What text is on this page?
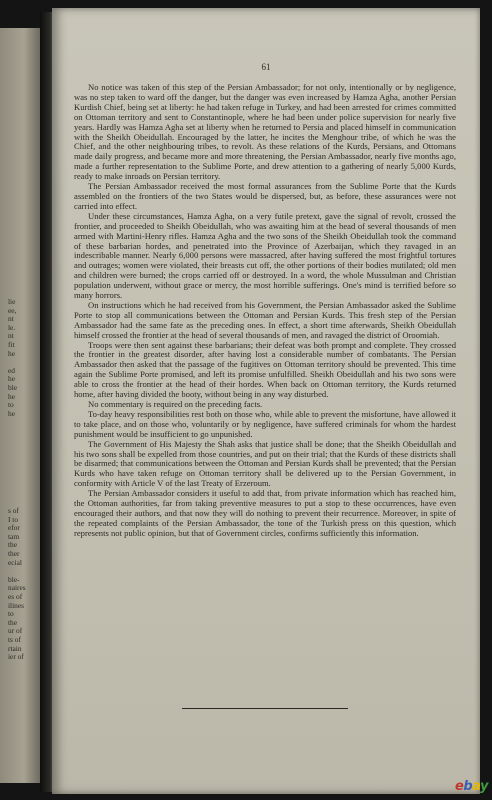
lie
ee,
nt
le.
nt
fit
he
ed
he
ble
he
to
he
s of
I to
efor
tam
the
ther
ecial
ble-
naires
es of
ilines
to
the
ur of
ts of
rtain
ier of
61

No notice was taken of this step of the Persian Ambassador; for not only, intentionally or by negligence, was no step taken to ward off the danger, but the danger was even increased by Hamza Agha, another Persian Kurdish Chief, being set at liberty: he had taken refuge in Turkey, and had been arrested for crimes committed on Ottoman territory and sent to Constantinople, where he had been under police supervision for nearly five years. Hardly was Hamza Agha set at liberty when he returned to Persia and placed himself in communication with the Sheikh Obeidullah. Encouraged by the latter, he incites the Menghour tribe, of which he was the Chief, and the other neighbouring tribes, to revolt. As these relations of the Kurds, Persians, and Ottomans made daily progress, and became more and more threatening, the Persian Ambassador, nearly five months ago, made a further representation to the Sublime Porte, and drew attention to a gathering of nearly 5,000 Kurds, ready to make inroads on Persian territory.

The Persian Ambassador received the most formal assurances from the Sublime Porte that the Kurds assembled on the frontiers of the two States would be dispersed, but, as before, these assurances were not carried into effect.

Under these circumstances, Hamza Agha, on a very futile pretext, gave the signal of revolt, crossed the frontier, and proceeded to Sheikh Obeidullah, who was awaiting him at the head of several thousands of men armed with Martini-Henry rifles. Hamza Agha and the two sons of the Sheikh Obeidullah took the command of these barbarian hordes, and penetrated into the Province of Azerbaijan, which they ravaged in an indescribable manner. Nearly 6,000 persons were massacred, after having suffered the most frightful tortures and outrages; women were violated, their breasts cut off, the other portions of their bodies mutilated; old men and children were burned; the crops carried off or destroyed. In a word, the whole Mussulman and Christian population underwent, without grace or mercy, the most horrible sufferings. One's mind is terrified before so many horrors.

On instructions which he had received from his Government, the Persian Ambassador asked the Sublime Porte to stop all communications between the Ottoman and Persian Kurds. This fresh step of the Persian Ambassador had the same fate as the preceding ones. In effect, a short time afterwards, Sheikh Obeidullah himself crossed the frontier at the head of several thousands of men, and ravaged the district of Oroomiah.

Troops were then sent against these barbarians; their defeat was both prompt and complete. They crossed the frontier in the greatest disorder, after having lost a considerable number of combatants. The Persian Ambassador then asked that the passage of the fugitives on Ottoman territory should be prevented. This time again the Sublime Porte promised, and left its promise unfulfilled. Sheikh Obeidullah and his two sons were able to cross the frontier at the head of their hordes. When back on Ottoman territory, the Kurds returned home, after having divided the booty, without being in any way disturbed.

No commentary is required on the preceding facts.

To-day heavy responsibilities rest both on those who, while able to prevent the misfortune, have allowed it to take place, and on those who, voluntarily or by negligence, have suffered criminals for whom the hardest punishment would be insufficient to go unpunished.

The Government of His Majesty the Shah asks that justice shall be done; that the Sheikh Obeidullah and his two sons shall be expelled from those countries, and put on their trial; that the Kurds of these districts shall be disarmed; that communications between the Ottoman and Persian Kurds shall be prevented; that the Persian Kurds who have taken refuge on Ottoman territory shall be delivered up to the Persian Government, in conformity with Article V of the last Treaty of Erzeroum.

The Persian Ambassador considers it useful to add that, from private information which has reached him, the Ottoman authorities, far from taking preventive measures to put a stop to these occurrences, have even encouraged their authors, and that now they will do nothing to prevent their recurrence. Moreover, in spite of the repeated complaints of the Persian Ambassador, the tone of the Turkish press on this question, which represents not public opinion, but that of Government circles, confirms sufficiently this information.

ebay
